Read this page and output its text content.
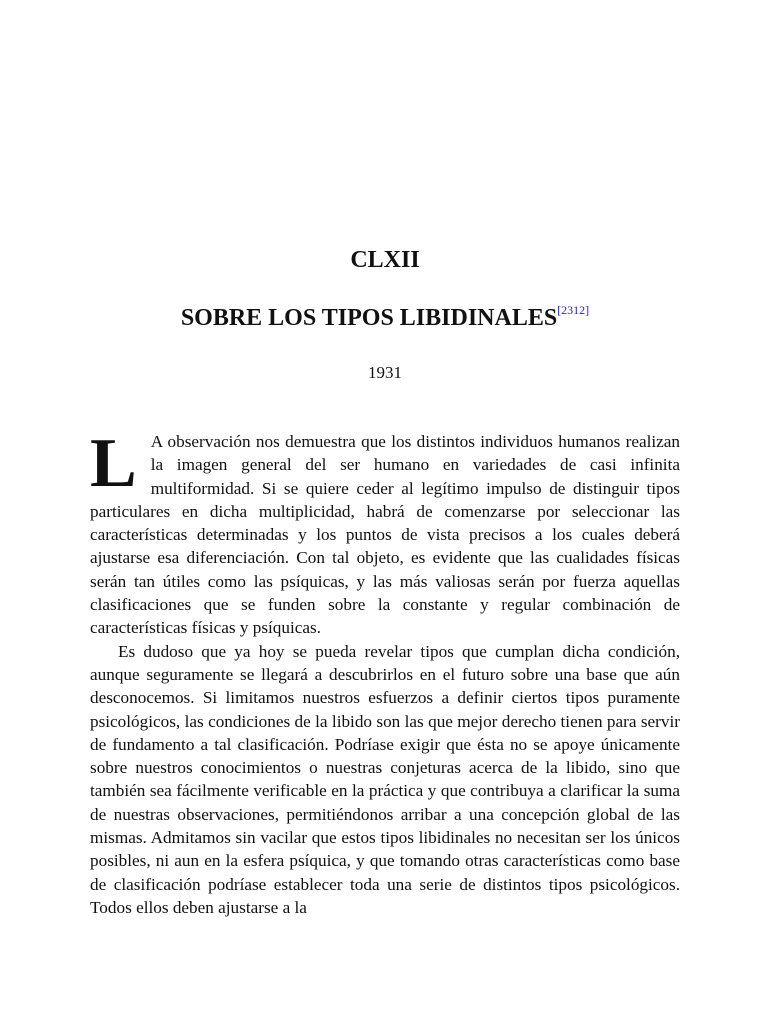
CLXII
SOBRE LOS TIPOS LIBIDINALES[2312]
1931

L A observación nos demuestra que los distintos individuos humanos realizan la imagen general del ser humano en variedades de casi infinita multiformidad. Si se quiere ceder al legítimo impulso de distinguir tipos particulares en dicha multiplicidad, habrá de comenzarse por seleccionar las características determinadas y los puntos de vista precisos a los cuales deberá ajustarse esa diferenciación. Con tal objeto, es evidente que las cualidades físicas serán tan útiles como las psíquicas, y las más valiosas serán por fuerza aquellas clasificaciones que se funden sobre la constante y regular combinación de características físicas y psíquicas.

Es dudoso que ya hoy se pueda revelar tipos que cumplan dicha condición, aunque seguramente se llegará a descubrirlos en el futuro sobre una base que aún desconocemos. Si limitamos nuestros esfuerzos a definir ciertos tipos puramente psicológicos, las condiciones de la libido son las que mejor derecho tienen para servir de fundamento a tal clasificación. Podríase exigir que ésta no se apoye únicamente sobre nuestros conocimientos o nuestras conjeturas acerca de la libido, sino que también sea fácilmente verificable en la práctica y que contribuya a clarificar la suma de nuestras observaciones, permitiéndonos arribar a una concepción global de las mismas. Admitamos sin vacilar que estos tipos libidinales no necesitan ser los únicos posibles, ni aun en la esfera psíquica, y que tomando otras características como base de clasificación podríase establecer toda una serie de distintos tipos psicológicos. Todos ellos deben ajustarse a la
